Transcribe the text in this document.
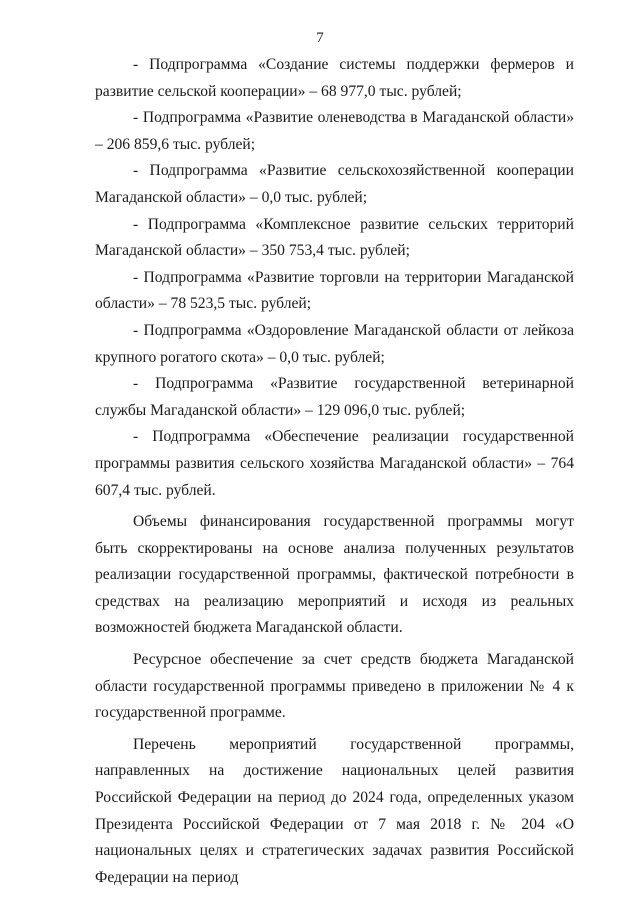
7

- Подпрограмма «Создание системы поддержки фермеров и развитие сельской кооперации» – 68 977,0 тыс. рублей;

- Подпрограмма «Развитие оленеводства в Магаданской области» – 206 859,6 тыс. рублей;

- Подпрограмма «Развитие сельскохозяйственной кооперации Магаданской области» – 0,0 тыс. рублей;

- Подпрограмма «Комплексное развитие сельских территорий Магаданской области» – 350 753,4 тыс. рублей;

- Подпрограмма «Развитие торговли на территории Магаданской области» – 78 523,5 тыс. рублей;

- Подпрограмма «Оздоровление Магаданской области от лейкоза крупного рогатого скота» – 0,0 тыс. рублей;

- Подпрограмма «Развитие государственной ветеринарной службы Магаданской области» – 129 096,0 тыс. рублей;

- Подпрограмма «Обеспечение реализации государственной программы развития сельского хозяйства Магаданской области» – 764 607,4 тыс. рублей.

Объемы финансирования государственной программы могут быть скорректированы на основе анализа полученных результатов реализации государственной программы, фактической потребности в средствах на реализацию мероприятий и исходя из реальных возможностей бюджета Магаданской области.

Ресурсное обеспечение за счет средств бюджета Магаданской области государственной программы приведено в приложении № 4 к государственной программе.

Перечень мероприятий государственной программы, направленных на достижение национальных целей развития Российской Федерации на период до 2024 года, определенных указом Президента Российской Федерации от 7 мая 2018 г. № 204 «О национальных целях и стратегических задачах развития Российской Федерации на период
